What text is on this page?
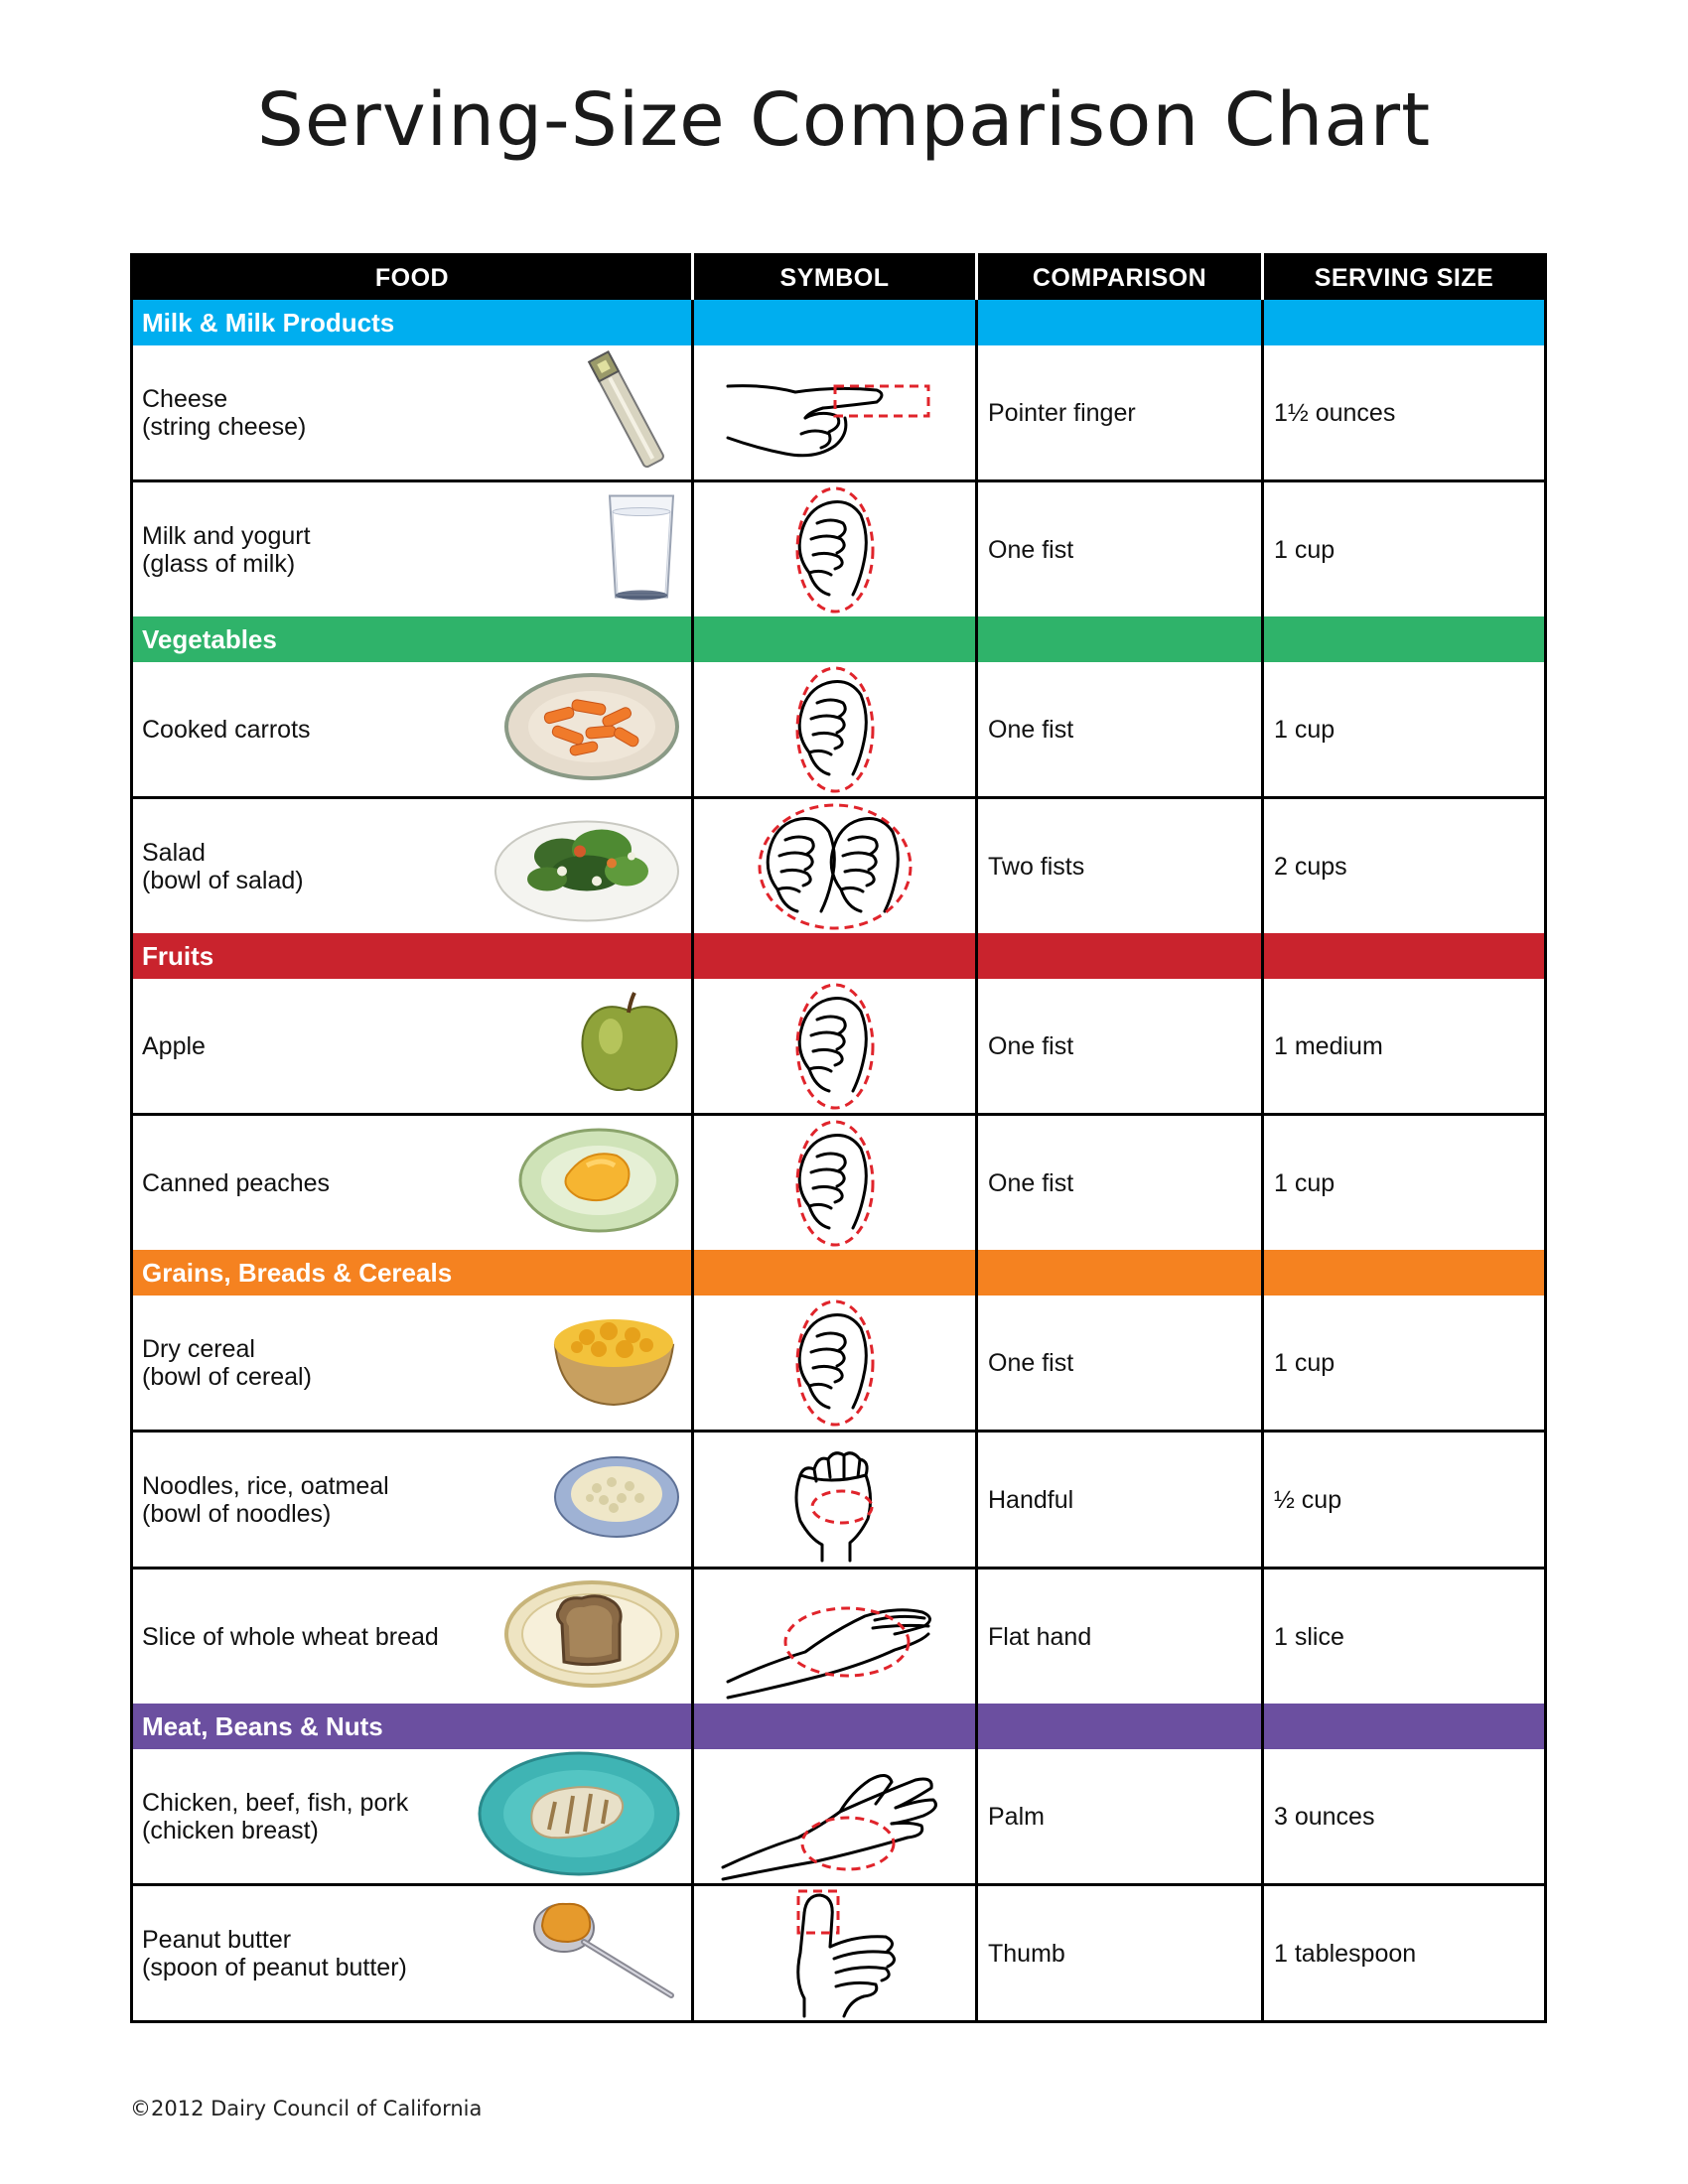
Serving-Size Comparison Chart
FOOD	SYMBOL	COMPARISON	SERVING SIZE
Milk & Milk Products			

Cheese
(string cheese)		Pointer finger	1½ ounces

Milk and yogurt
(glass of milk)		One fist	1 cup
Vegetables			

Cooked carrots		One fist	1 cup

Salad
(bowl of salad)		Two fists	2 cups
Fruits			

Apple		One fist	1 medium

Canned peaches		One fist	1 cup
Grains, Breads & Cereals			

Dry cereal
(bowl of cereal)		One fist	1 cup

Noodles, rice, oatmeal
(bowl of noodles)		Handful	½ cup

Slice of whole wheat bread		Flat hand	1 slice
Meat, Beans & Nuts			

Chicken, beef, fish, pork
(chicken breast)		Palm	3 ounces

Peanut butter
(spoon of peanut butter)		Thumb	1 tablespoon
©2012 Dairy Council of California
